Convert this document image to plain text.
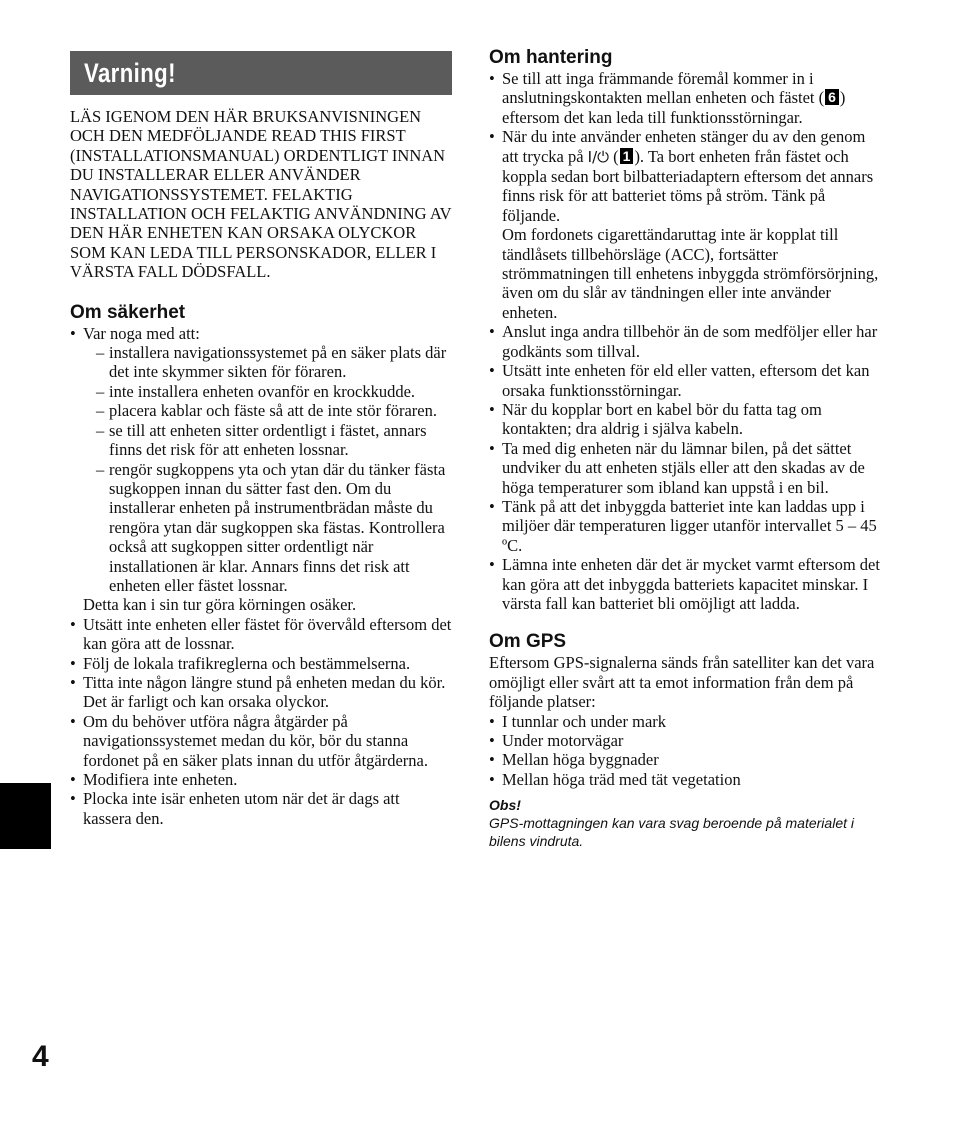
Varning!
LÄS IGENOM DEN HÄR BRUKSANVISNINGEN OCH DEN MEDFÖLJANDE READ THIS FIRST (INSTALLATIONSMANUAL) ORDENTLIGT INNAN DU INSTALLERAR ELLER ANVÄNDER NAVIGATIONSSYSTEMET. FELAKTIG INSTALLATION OCH FELAKTIG ANVÄNDNING AV DEN HÄR ENHETEN KAN ORSAKA OLYCKOR SOM KAN LEDA TILL PERSONSKADOR, ELLER I VÄRSTA FALL DÖDSFALL.
Om säkerhet
• Var noga med att:
– installera navigationssystemet på en säker plats där det inte skymmer sikten för föraren.
– inte installera enheten ovanför en krockkudde.
– placera kablar och fäste så att de inte stör föraren.
– se till att enheten sitter ordentligt i fästet, annars finns det risk för att enheten lossnar.
– rengör sugkoppens yta och ytan där du tänker fästa sugkoppen innan du sätter fast den. Om du installerar enheten på instrumentbrädan måste du rengöra ytan där sugkoppen ska fästas. Kontrollera också att sugkoppen sitter ordentligt när installationen är klar. Annars finns det risk att enheten eller fästet lossnar.
Detta kan i sin tur göra körningen osäker.
• Utsätt inte enheten eller fästet för övervåld eftersom det kan göra att de lossnar.
• Följ de lokala trafikreglerna och bestämmelserna.
• Titta inte någon längre stund på enheten medan du kör. Det är farligt och kan orsaka olyckor.
• Om du behöver utföra några åtgärder på navigationssystemet medan du kör, bör du stanna fordonet på en säker plats innan du utför åtgärderna.
• Modifiera inte enheten.
• Plocka inte isär enheten utom när det är dags att kassera den.
Om hantering
• Se till att inga främmande föremål kommer in i anslutningskontakten mellan enheten och fästet ( 6 ) eftersom det kan leda till funktionsstörningar.
• När du inte använder enheten stänger du av den genom att trycka på I/⏻ ( 1 ). Ta bort enheten från fästet och koppla sedan bort bilbatteriadaptern eftersom det annars finns risk för att batteriet töms på ström. Tänk på följande.
Om fordonets cigarettändaruttag inte är kopplat till tändlåsets tillbehörsläge (ACC), fortsätter strömmatningen till enhetens inbyggda strömförsörjning, även om du slår av tändningen eller inte använder enheten.
• Anslut inga andra tillbehör än de som medföljer eller har godkänts som tillval.
• Utsätt inte enheten för eld eller vatten, eftersom det kan orsaka funktionsstörningar.
• När du kopplar bort en kabel bör du fatta tag om kontakten; dra aldrig i själva kabeln.
• Ta med dig enheten när du lämnar bilen, på det sättet undviker du att enheten stjäls eller att den skadas av de höga temperaturer som ibland kan uppstå i en bil.
• Tänk på att det inbyggda batteriet inte kan laddas upp i miljöer där temperaturen ligger utanför intervallet 5 – 45 ºC.
• Lämna inte enheten där det är mycket varmt eftersom det kan göra att det inbyggda batteriets kapacitet minskar. I värsta fall kan batteriet bli omöjligt att ladda.
Om GPS

Eftersom GPS-signalerna sänds från satelliter kan det vara omöjligt eller svårt att ta emot information från dem på följande platser:

• I tunnlar och under mark
• Under motorvägar
• Mellan höga byggnader
• Mellan höga träd med tät vegetation
Obs!
GPS-mottagningen kan vara svag beroende på materialet i bilens vindruta.
4
